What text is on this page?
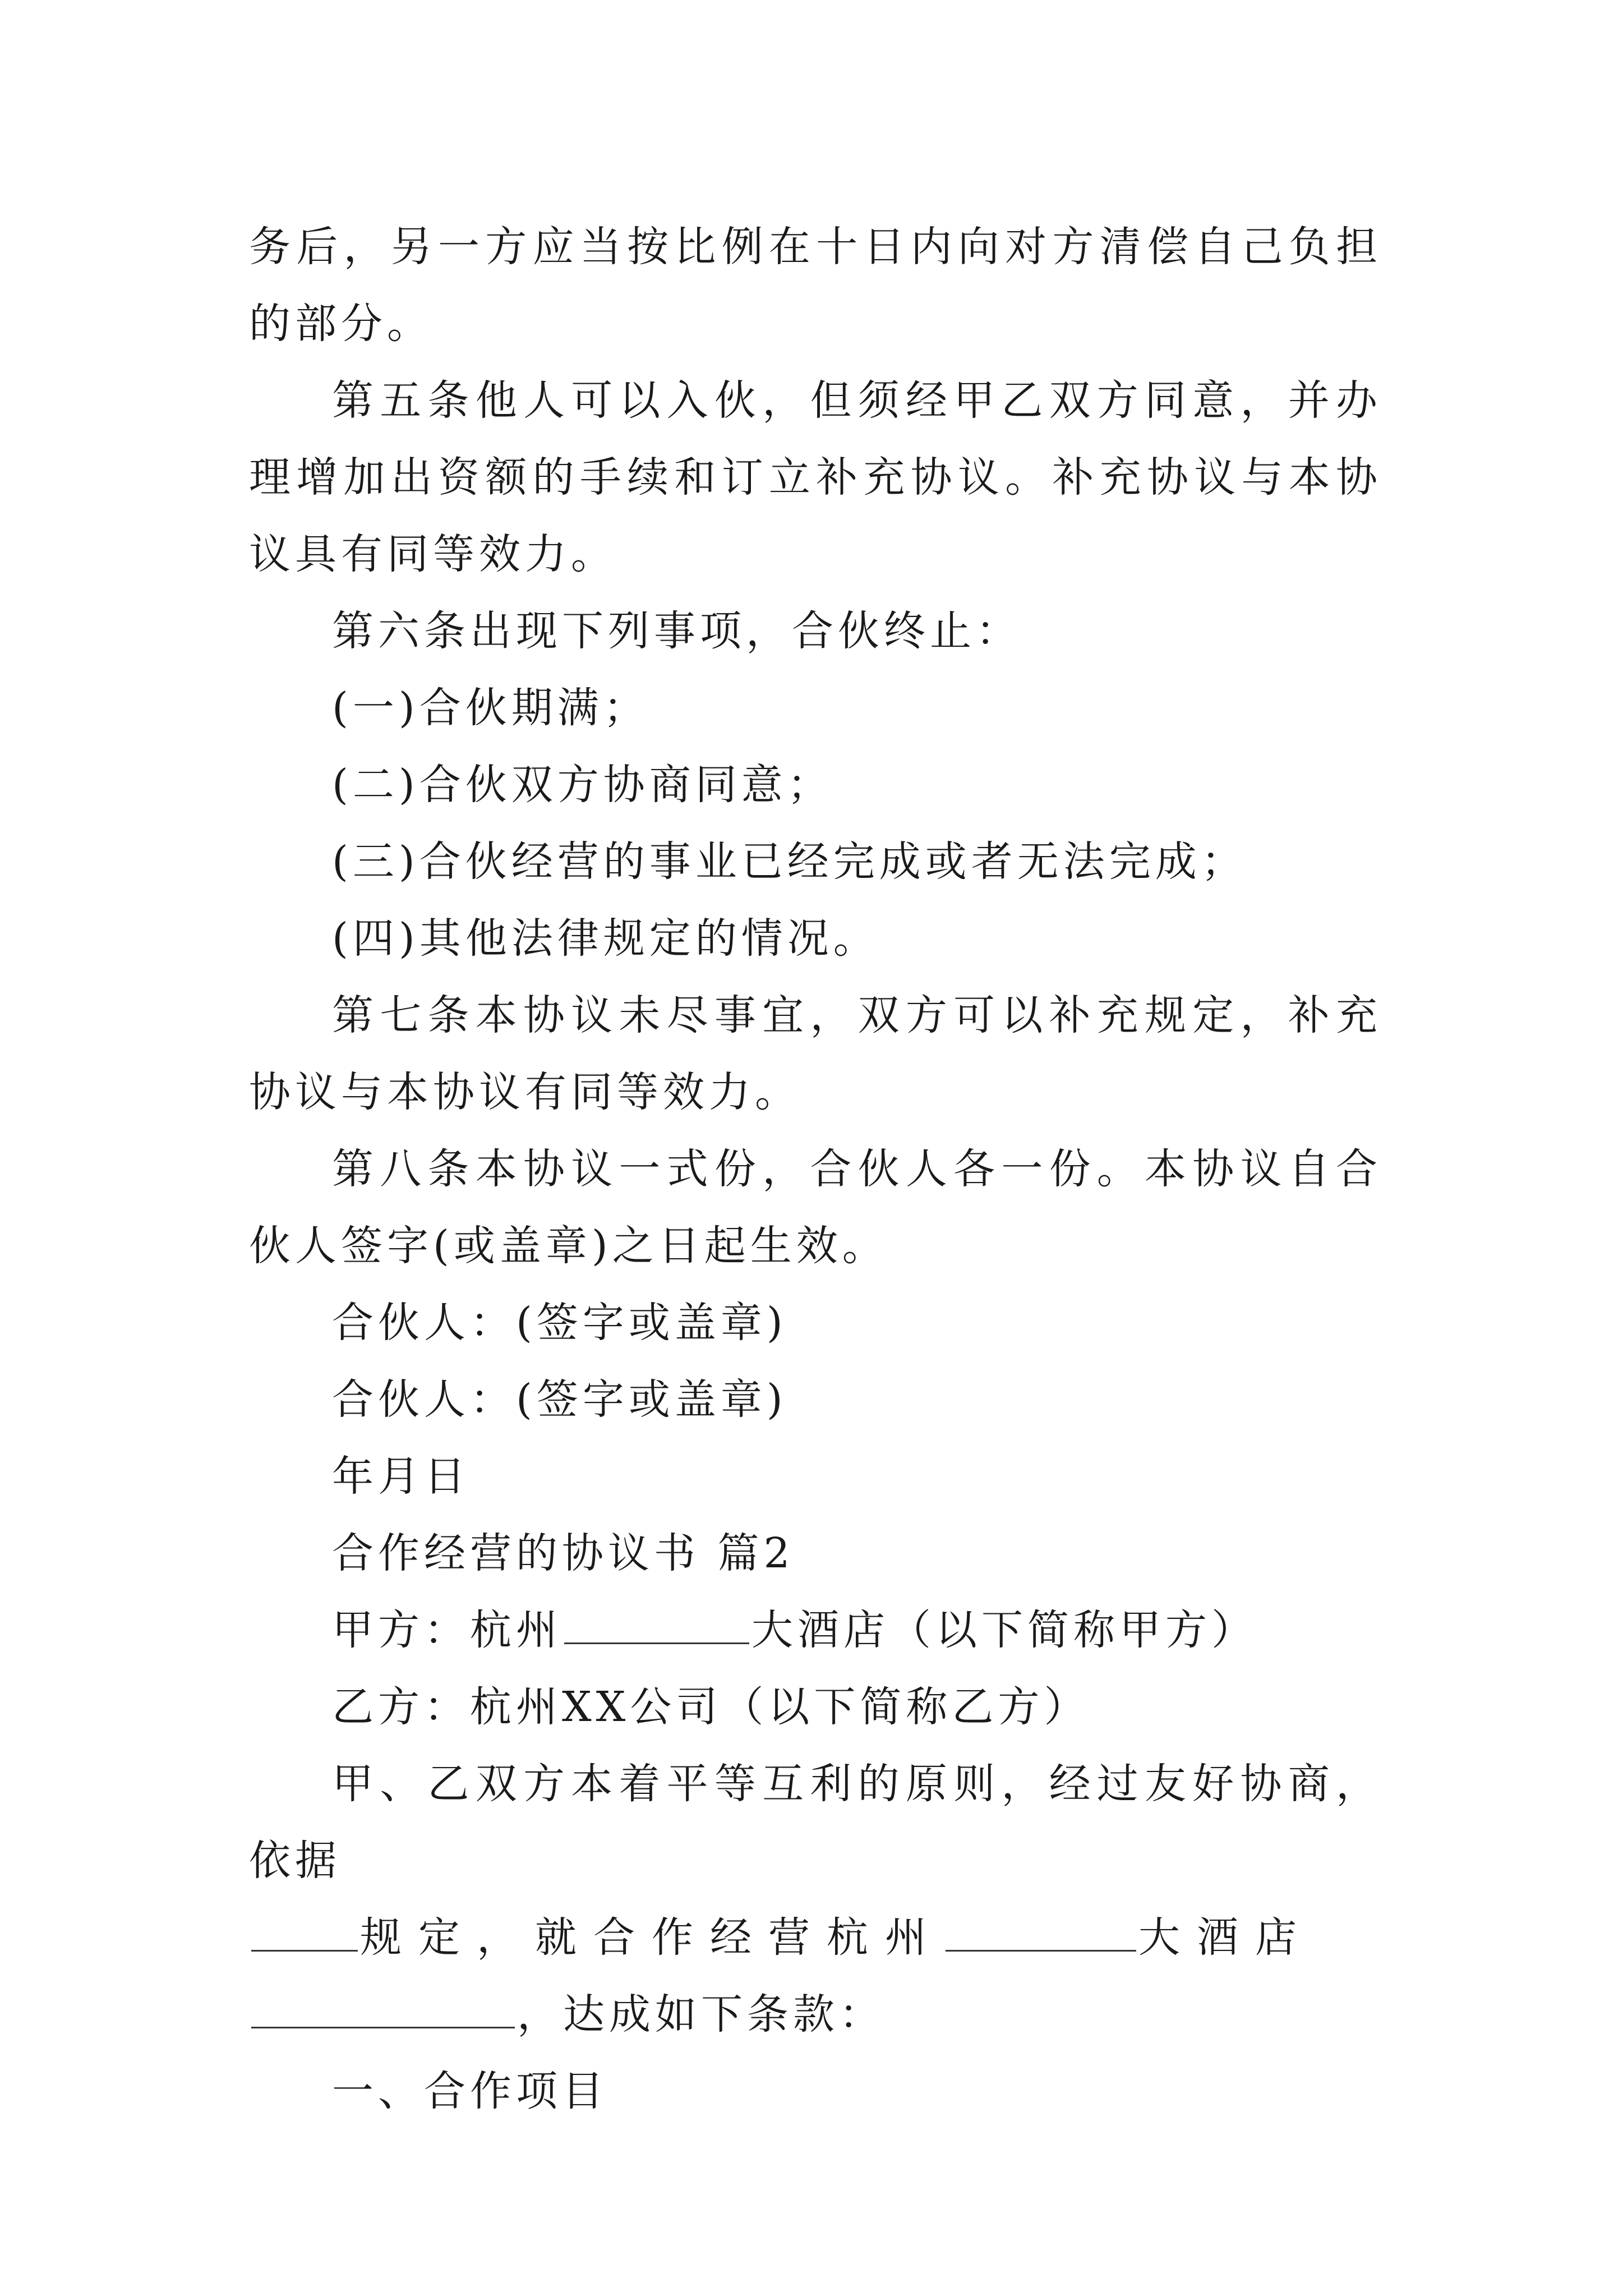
务后，另一方应当按比例在十日内向对方清偿自己负担的部分。

第五条他人可以入伙，但须经甲乙双方同意，并办理增加出资额的手续和订立补充协议。补充协议与本协议具有同等效力。

第六条出现下列事项，合伙终止：

(一)合伙期满；

(二)合伙双方协商同意；

(三)合伙经营的事业已经完成或者无法完成；

(四)其他法律规定的情况。

第七条本协议未尽事宜，双方可以补充规定，补充协议与本协议有同等效力。

第八条本协议一式份，合伙人各一份。本协议自合伙人签字(或盖章)之日起生效。

合伙人：(签字或盖章)

合伙人：(签字或盖章)

年月日

合作经营的协议书 篇2

甲方：杭州	大酒店（以下简称甲方）

乙方：杭州XX公司（以下简称乙方）

甲、乙双方本着平等互利的原则，经过友好协商，依据

规定，就合作经营杭州	大酒店

，达成如下条款：

一、合作项目
